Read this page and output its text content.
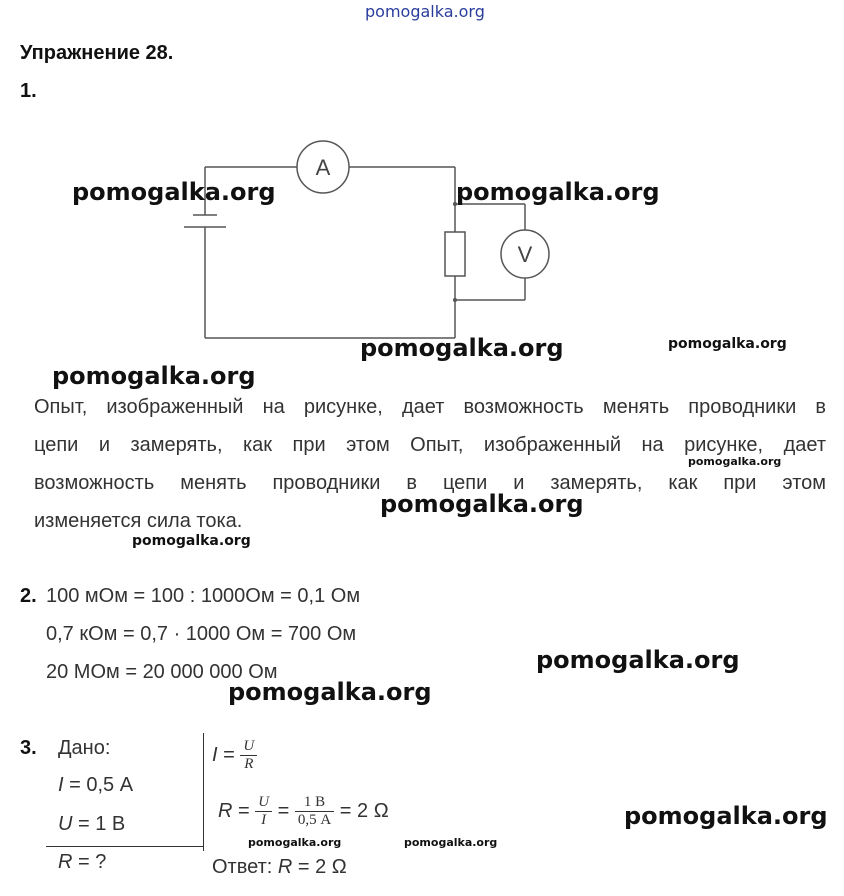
pomogalka.org
Упражнение 28.
1.
A
V
Опыт, изображенный на рисунке, дает возможность менять проводники в
цепи и замерять, как при этом Опыт, изображенный на рисунке, дает
возможность менять проводники в цепи и замерять, как при этом
изменяется сила тока.
2. 100 мОм = 100 : 1000Ом = 0,1 Ом
0,7 кОм = 0,7 · 1000 Ом = 700 Ом
20 МОм = 20 000 000 Ом
3. Дано:
I = 0,5 А
U = 1 В
R = ?
$I = \frac{U}{R}$
$R = \frac{U}{I} = \frac{1 В}{0,5 А} = 2$ Ω
Ответ: R = 2 Ω
pomogalka.org	pomogalka.org
pomogalka.org	pomogalka.org
pomogalka.org
pomogalka.org
pomogalka.org
pomogalka.org
pomogalka.org
pomogalka.org
pomogalka.org
pomogalka.org	pomogalka.org
